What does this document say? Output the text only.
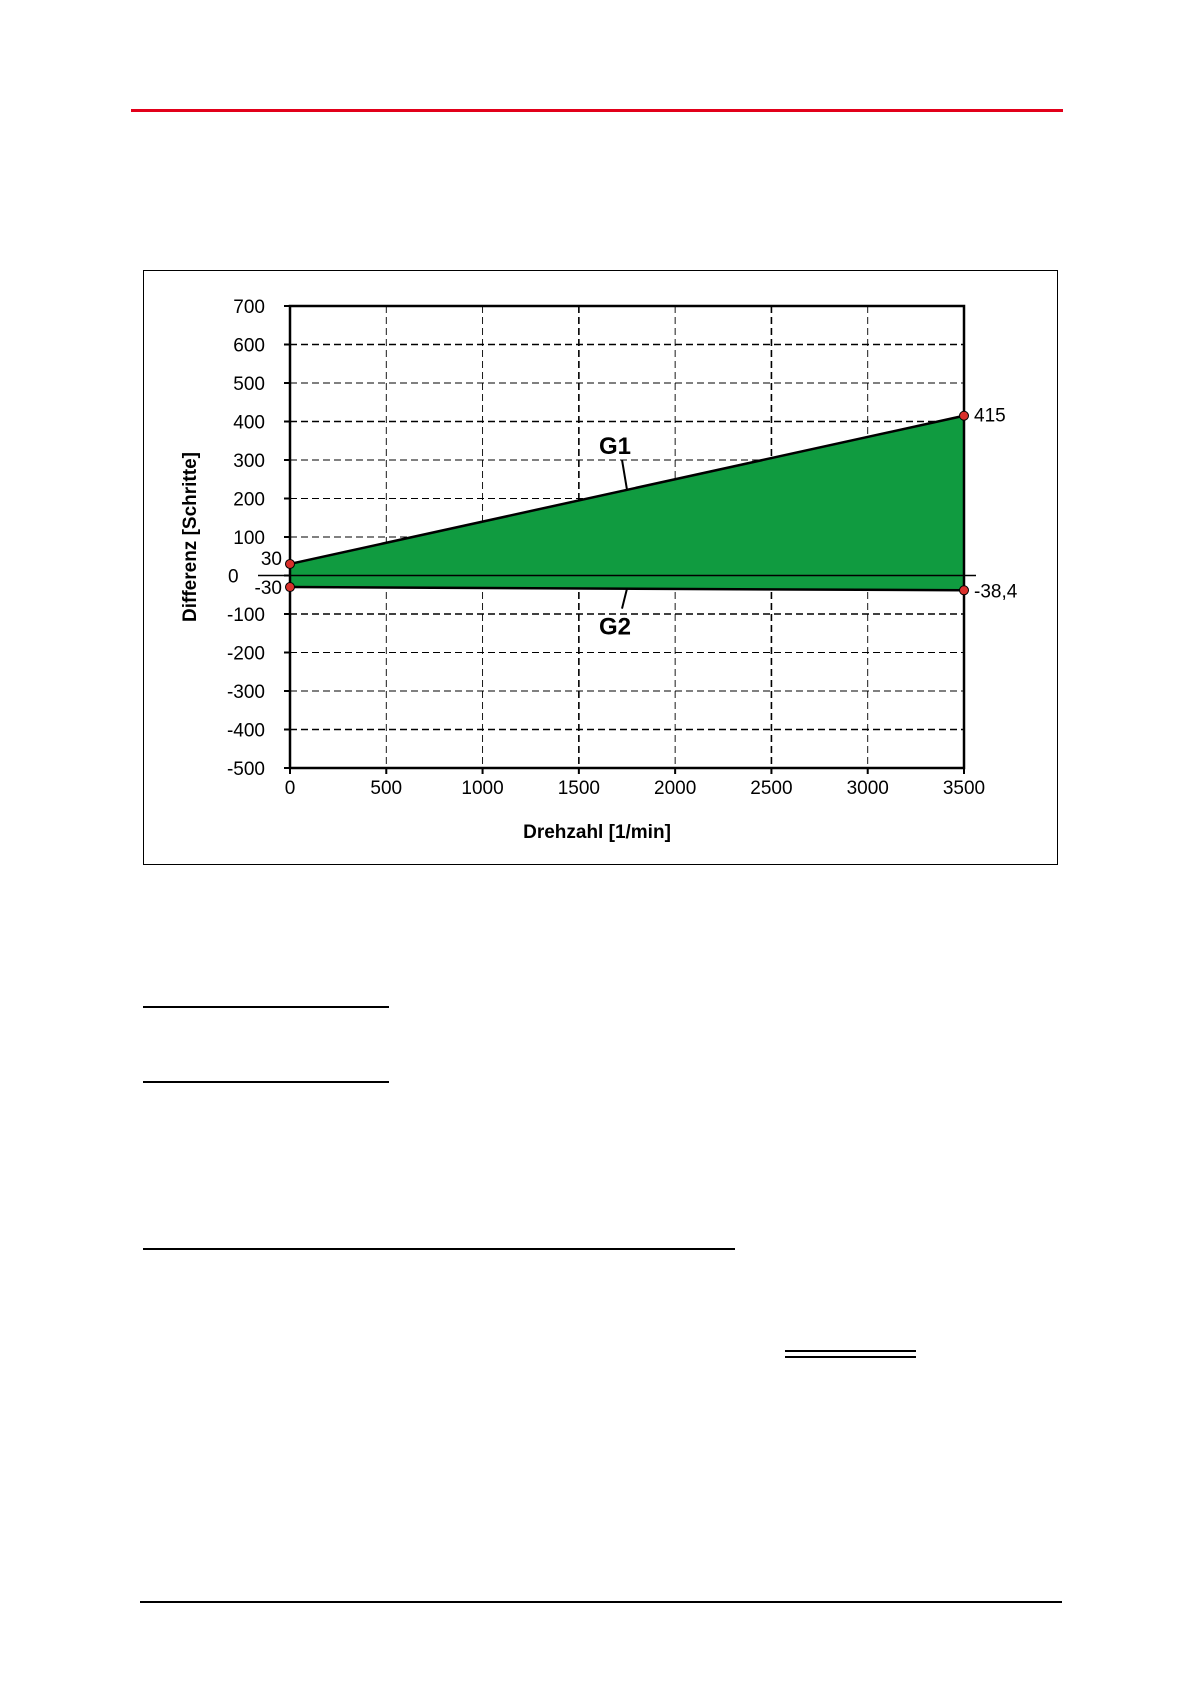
G1
G2
0	500	1000	1500	2000	2500	3000	3500
700
600
500
400
300
200
100
0
-100
-200
-300
-400
-500
30
-30
415
-38,4
Drehzahl [1/min]
Differenz [Schritte]
